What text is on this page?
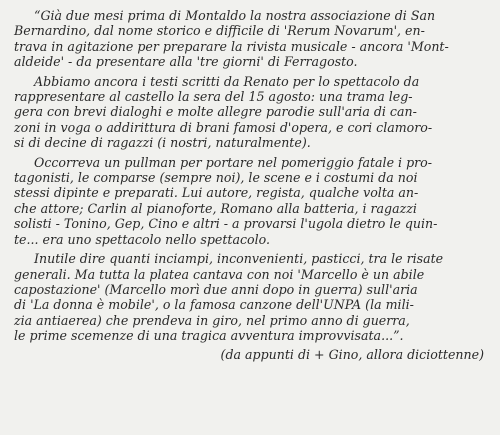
“Già due mesi prima di Montaldo la nostra associazione di San
Bernardino, dal nome storico e difficile di 'Rerum Novarum', en-
trava in agitazione per preparare la rivista musicale - ancora 'Mont-
aldeide' - da presentare alla 'tre giorni' di Ferragosto.

Abbiamo ancora i testi scritti da Renato per lo spettacolo da
rappresentare al castello la sera del 15 agosto: una trama leg-
gera con brevi dialoghi e molte allegre parodie sull'aria di can-
zoni in voga o addirittura di brani famosi d'opera, e cori clamoro-
si di decine di ragazzi (i nostri, naturalmente).

Occorreva un pullman per portare nel pomeriggio fatale i pro-
tagonisti, le comparse (sempre noi), le scene e i costumi da noi
stessi dipinte e preparati. Lui autore, regista, qualche volta an-
che attore; Carlin al pianoforte, Romano alla batteria, i ragazzi
solisti - Tonino, Gep, Cino e altri - a provarsi l'ugola dietro le quin-
te... era uno spettacolo nello spettacolo.

Inutile dire quanti inciampi, inconvenienti, pasticci, tra le risate
generali. Ma tutta la platea cantava con noi 'Marcello è un abile
capostazione' (Marcello morì due anni dopo in guerra) sull'aria
di 'La donna è mobile', o la famosa canzone dell'UNPA (la mili-
zia antiaerea) che prendeva in giro, nel primo anno di guerra,
le prime scemenze di una tragica avventura improvvisata...”.

(da appunti di + Gino, allora diciottenne)
